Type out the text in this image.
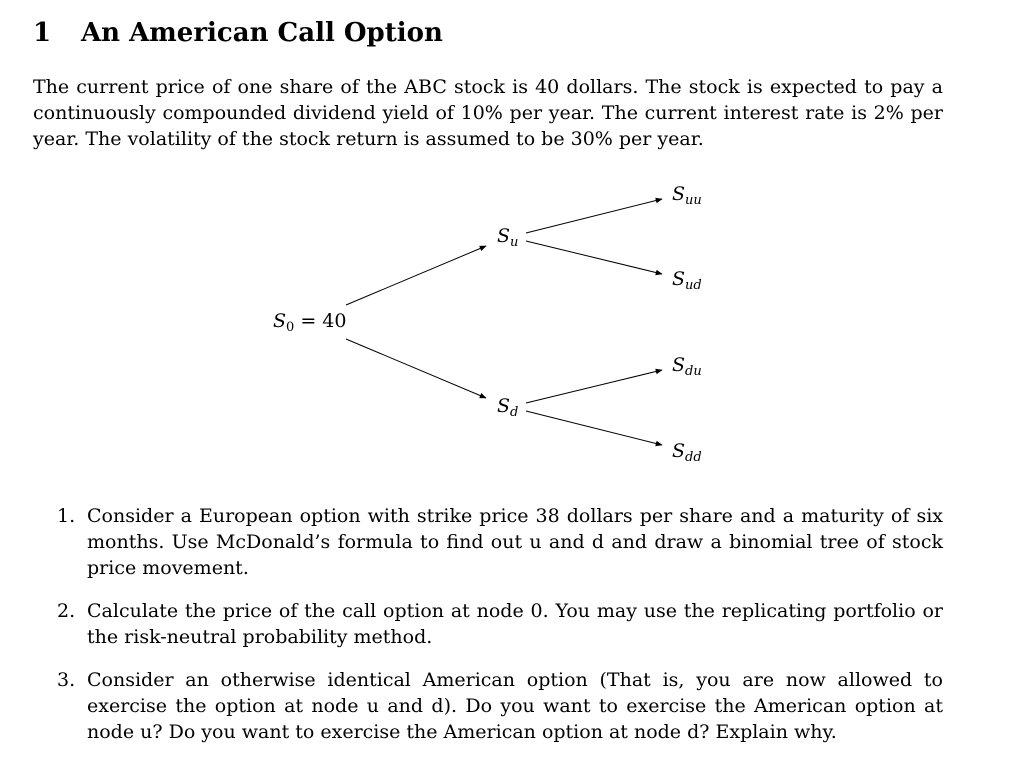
1 An American Call Option

The current price of one share of the ABC stock is 40 dollars. The stock is expected to pay a continuously compounded dividend yield of 10% per year. The current interest rate is 2% per year. The volatility of the stock return is assumed to be 30% per year.

$S_0 = 40$
$S_u$
$S_d$
$S_{uu}$
$S_{ud}$
$S_{du}$
$S_{dd}$
1. Consider a European option with strike price 38 dollars per share and a maturity of six months. Use McDonald’s formula to find out u and d and draw a binomial tree of stock price movement.
2. Calculate the price of the call option at node 0. You may use the replicating portfolio or the risk-neutral probability method.
3. Consider an otherwise identical American option (That is, you are now allowed to exercise the option at node u and d). Do you want to exercise the American option at node u? Do you want to exercise the American option at node d? Explain why.
